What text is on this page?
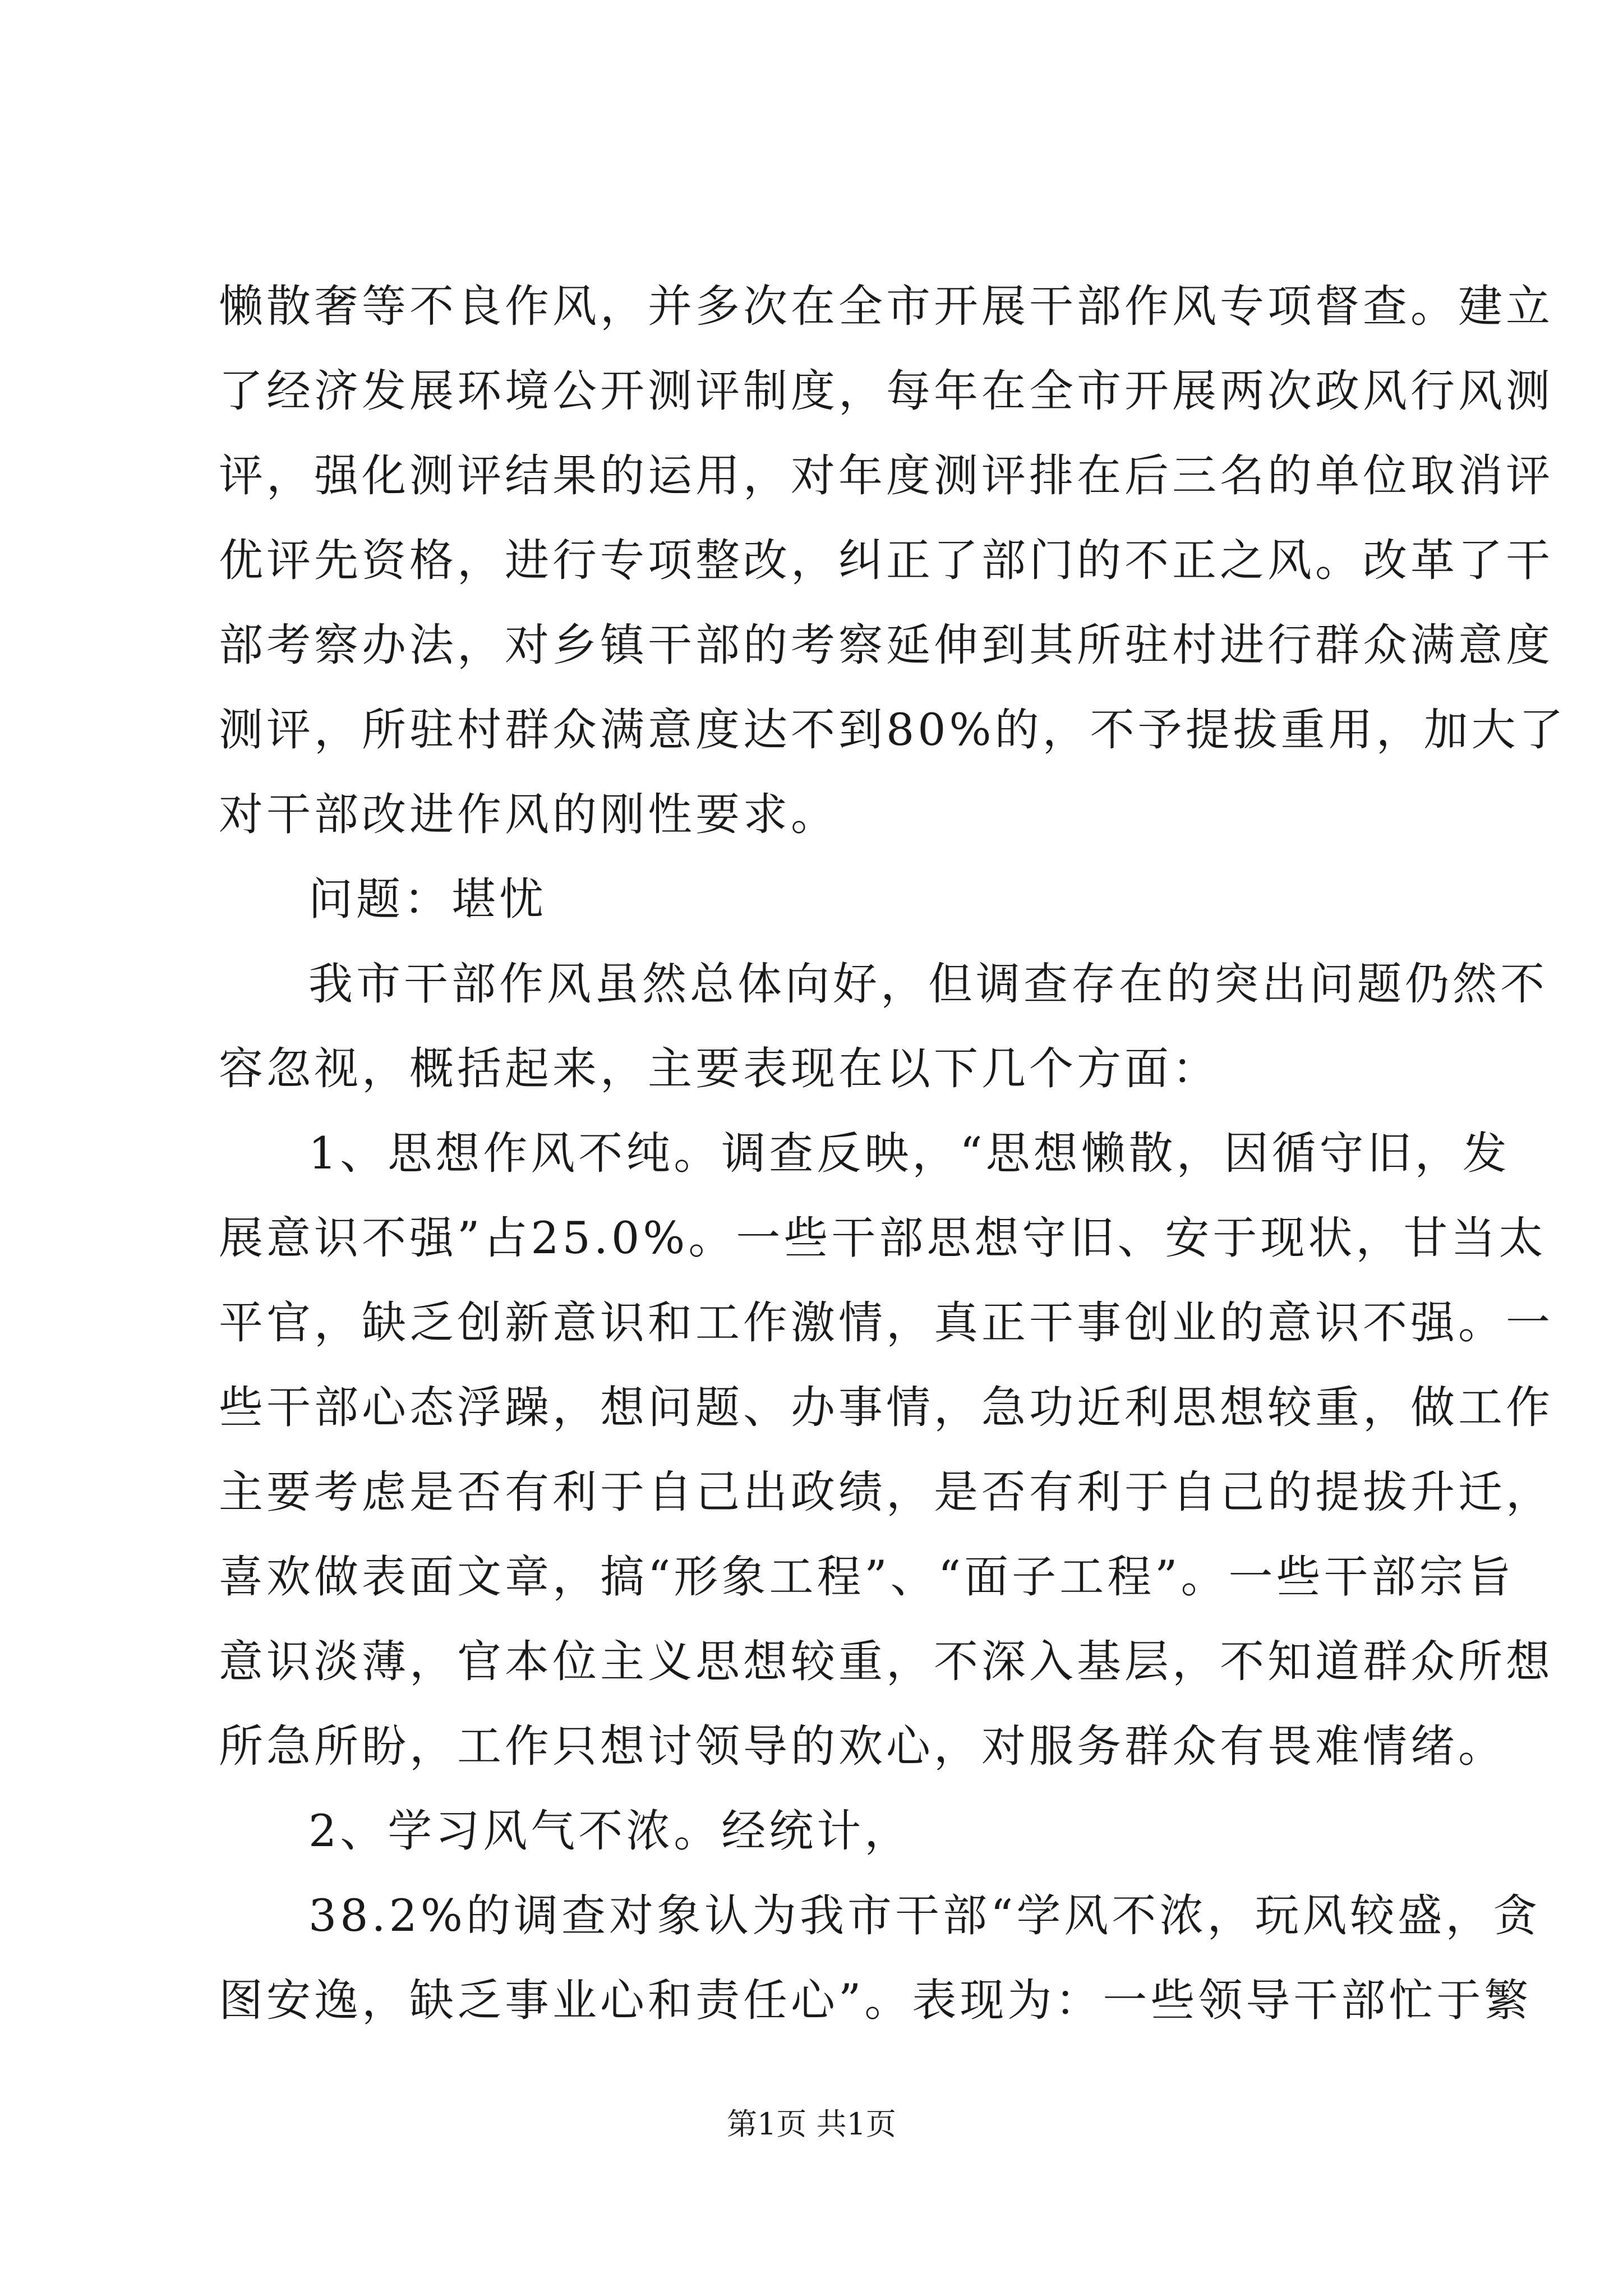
懒散奢等不良作风，并多次在全市开展干部作风专项督查。建立
了经济发展环境公开测评制度，每年在全市开展两次政风行风测
评，强化测评结果的运用，对年度测评排在后三名的单位取消评
优评先资格，进行专项整改，纠正了部门的不正之风。改革了干
部考察办法，对乡镇干部的考察延伸到其所驻村进行群众满意度
测评，所驻村群众满意度达不到80%的，不予提拔重用，加大了
对干部改进作风的刚性要求。
问题：堪忧
我市干部作风虽然总体向好，但调查存在的突出问题仍然不
容忽视，概括起来，主要表现在以下几个方面：
1、思想作风不纯。调查反映，“思想懒散，因循守旧，发
展意识不强”占25.0%。一些干部思想守旧、安于现状，甘当太
平官，缺乏创新意识和工作激情，真正干事创业的意识不强。一
些干部心态浮躁，想问题、办事情，急功近利思想较重，做工作
主要考虑是否有利于自己出政绩，是否有利于自己的提拔升迁，
喜欢做表面文章，搞“形象工程”、“面子工程”。一些干部宗旨
意识淡薄，官本位主义思想较重，不深入基层，不知道群众所想
所急所盼，工作只想讨领导的欢心，对服务群众有畏难情绪。
2、学习风气不浓。经统计，
38.2%的调查对象认为我市干部“学风不浓，玩风较盛，贪
图安逸，缺乏事业心和责任心”。表现为：一些领导干部忙于繁
第1页 共1页
